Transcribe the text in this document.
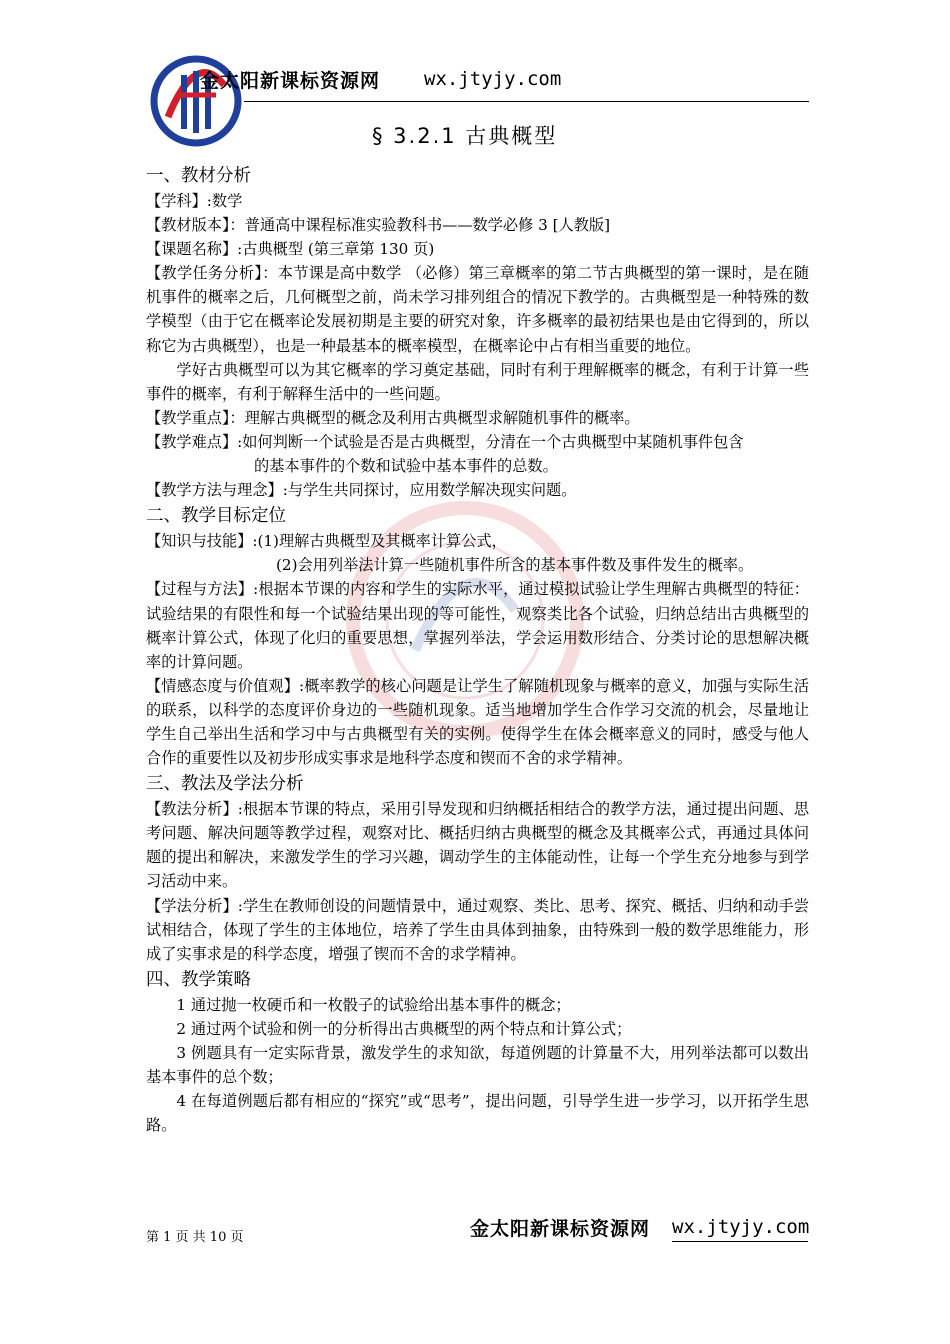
金太阳新课标资源网 wx.jtyjy.com
§ 3.2.1 古典概型
一、教材分析
【学科】:数学
【教材版本】：普通高中课程标准实验教科书——数学必修 3 [人教版]
【课题名称】:古典概型 (第三章第 130 页)
【教学任务分析】：本节课是高中数学 （必修）第三章概率的第二节古典概型的第一课时，是在随机事件的概率之后，几何概型之前，尚未学习排列组合的情况下教学的。古典概型是一种特殊的数学模型（由于它在概率论发展初期是主要的研究对象，许多概率的最初结果也是由它得到的，所以称它为古典概型），也是一种最基本的概率模型，在概率论中占有相当重要的地位。
学好古典概型可以为其它概率的学习奠定基础，同时有利于理解概率的概念，有利于计算一些事件的概率，有利于解释生活中的一些问题。
【教学重点】：理解古典概型的概念及利用古典概型求解随机事件的概率。
【教学难点】:如何判断一个试验是否是古典概型，分清在一个古典概型中某随机事件包含
的基本事件的个数和试验中基本事件的总数。
【教学方法与理念】:与学生共同探讨，应用数学解决现实问题。
二、教学目标定位
【知识与技能】:(1)理解古典概型及其概率计算公式，
(2)会用列举法计算一些随机事件所含的基本事件数及事件发生的概率。
【过程与方法】:根据本节课的内容和学生的实际水平，通过模拟试验让学生理解古典概型的特征：试验结果的有限性和每一个试验结果出现的等可能性，观察类比各个试验，归纳总结出古典概型的概率计算公式，体现了化归的重要思想，掌握列举法，学会运用数形结合、分类讨论的思想解决概率的计算问题。
【情感态度与价值观】:概率教学的核心问题是让学生了解随机现象与概率的意义，加强与实际生活的联系，以科学的态度评价身边的一些随机现象。适当地增加学生合作学习交流的机会，尽量地让学生自己举出生活和学习中与古典概型有关的实例。使得学生在体会概率意义的同时，感受与他人合作的重要性以及初步形成实事求是地科学态度和锲而不舍的求学精神。
三、教法及学法分析
【教法分析】:根据本节课的特点，采用引导发现和归纳概括相结合的教学方法，通过提出问题、思考问题、解决问题等教学过程，观察对比、概括归纳古典概型的概念及其概率公式，再通过具体问题的提出和解决，来激发学生的学习兴趣，调动学生的主体能动性，让每一个学生充分地参与到学习活动中来。
【学法分析】:学生在教师创设的问题情景中，通过观察、类比、思考、探究、概括、归纳和动手尝试相结合，体现了学生的主体地位，培养了学生由具体到抽象，由特殊到一般的数学思维能力，形成了实事求是的科学态度，增强了锲而不舍的求学精神。
四、教学策略
1 通过抛一枚硬币和一枚骰子的试验给出基本事件的概念；
2 通过两个试验和例一的分析得出古典概型的两个特点和计算公式；
3 例题具有一定实际背景，激发学生的求知欲，每道例题的计算量不大，用列举法都可以数出基本事件的总个数；
4 在每道例题后都有相应的“探究”或“思考”，提出问题，引导学生进一步学习，以开拓学生思路。
第 1 页 共 10 页	金太阳新课标资源网 wx.jtyjy.com
